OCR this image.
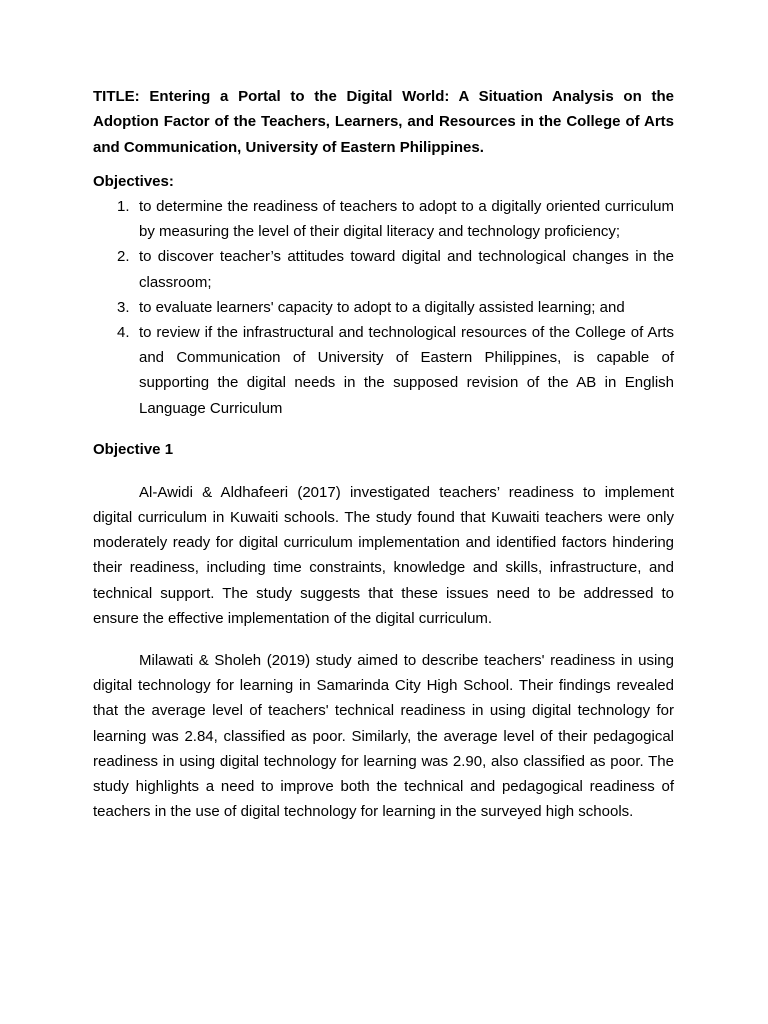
TITLE: Entering a Portal to the Digital World: A Situation Analysis on the Adoption Factor of the Teachers, Learners, and Resources in the College of Arts and Communication, University of Eastern Philippines.

Objectives:

1. to determine the readiness of teachers to adopt to a digitally oriented curriculum by measuring the level of their digital literacy and technology proficiency;
2. to discover teacher’s attitudes toward digital and technological changes in the classroom;
3. to evaluate learners' capacity to adopt to a digitally assisted learning; and
4. to review if the infrastructural and technological resources of the College of Arts and Communication of University of Eastern Philippines, is capable of supporting the digital needs in the supposed revision of the AB in English Language Curriculum

Objective 1

Al-Awidi & Aldhafeeri (2017) investigated teachers’ readiness to implement digital curriculum in Kuwaiti schools. The study found that Kuwaiti teachers were only moderately ready for digital curriculum implementation and identified factors hindering their readiness, including time constraints, knowledge and skills, infrastructure, and technical support. The study suggests that these issues need to be addressed to ensure the effective implementation of the digital curriculum.

Milawati & Sholeh (2019) study aimed to describe teachers' readiness in using digital technology for learning in Samarinda City High School. Their findings revealed that the average level of teachers' technical readiness in using digital technology for learning was 2.84, classified as poor. Similarly, the average level of their pedagogical readiness in using digital technology for learning was 2.90, also classified as poor. The study highlights a need to improve both the technical and pedagogical readiness of teachers in the use of digital technology for learning in the surveyed high schools.
